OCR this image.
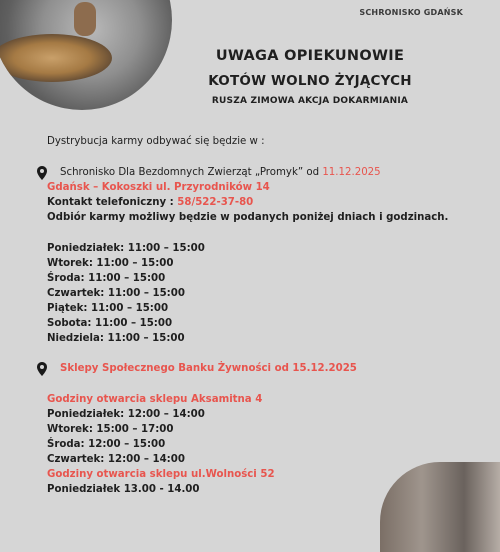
SCHRONISKO GDAŃSK
UWAGA OPIEKUNOWIE
KOTÓW WOLNO ŻYJĄCYCH
RUSZA ZIMOWA AKCJA DOKARMIANIA
Dystrybucja karmy odbywać się będzie w :
Schronisko Dla Bezdomnych Zwierząt „Promyk” od 11.12.2025
Gdańsk – Kokoszki ul. Przyrodników 14
Kontakt telefoniczny : 58/522-37-80
Odbiór karmy możliwy będzie w podanych poniżej dniach i godzinach.
Poniedziałek: 11:00 – 15:00
Wtorek: 11:00 – 15:00
Środa: 11:00 – 15:00
Czwartek: 11:00 – 15:00
Piątek: 11:00 – 15:00
Sobota: 11:00 – 15:00
Niedziela: 11:00 – 15:00
Sklepy Społecznego Banku Żywności od 15.12.2025
Godziny otwarcia sklepu Aksamitna 4
Poniedziałek: 12:00 – 14:00
Wtorek: 15:00 – 17:00
Środa: 12:00 – 15:00
Czwartek: 12:00 – 14:00
Godziny otwarcia sklepu ul.Wolności 52
Poniedziałek 13.00 - 14.00
